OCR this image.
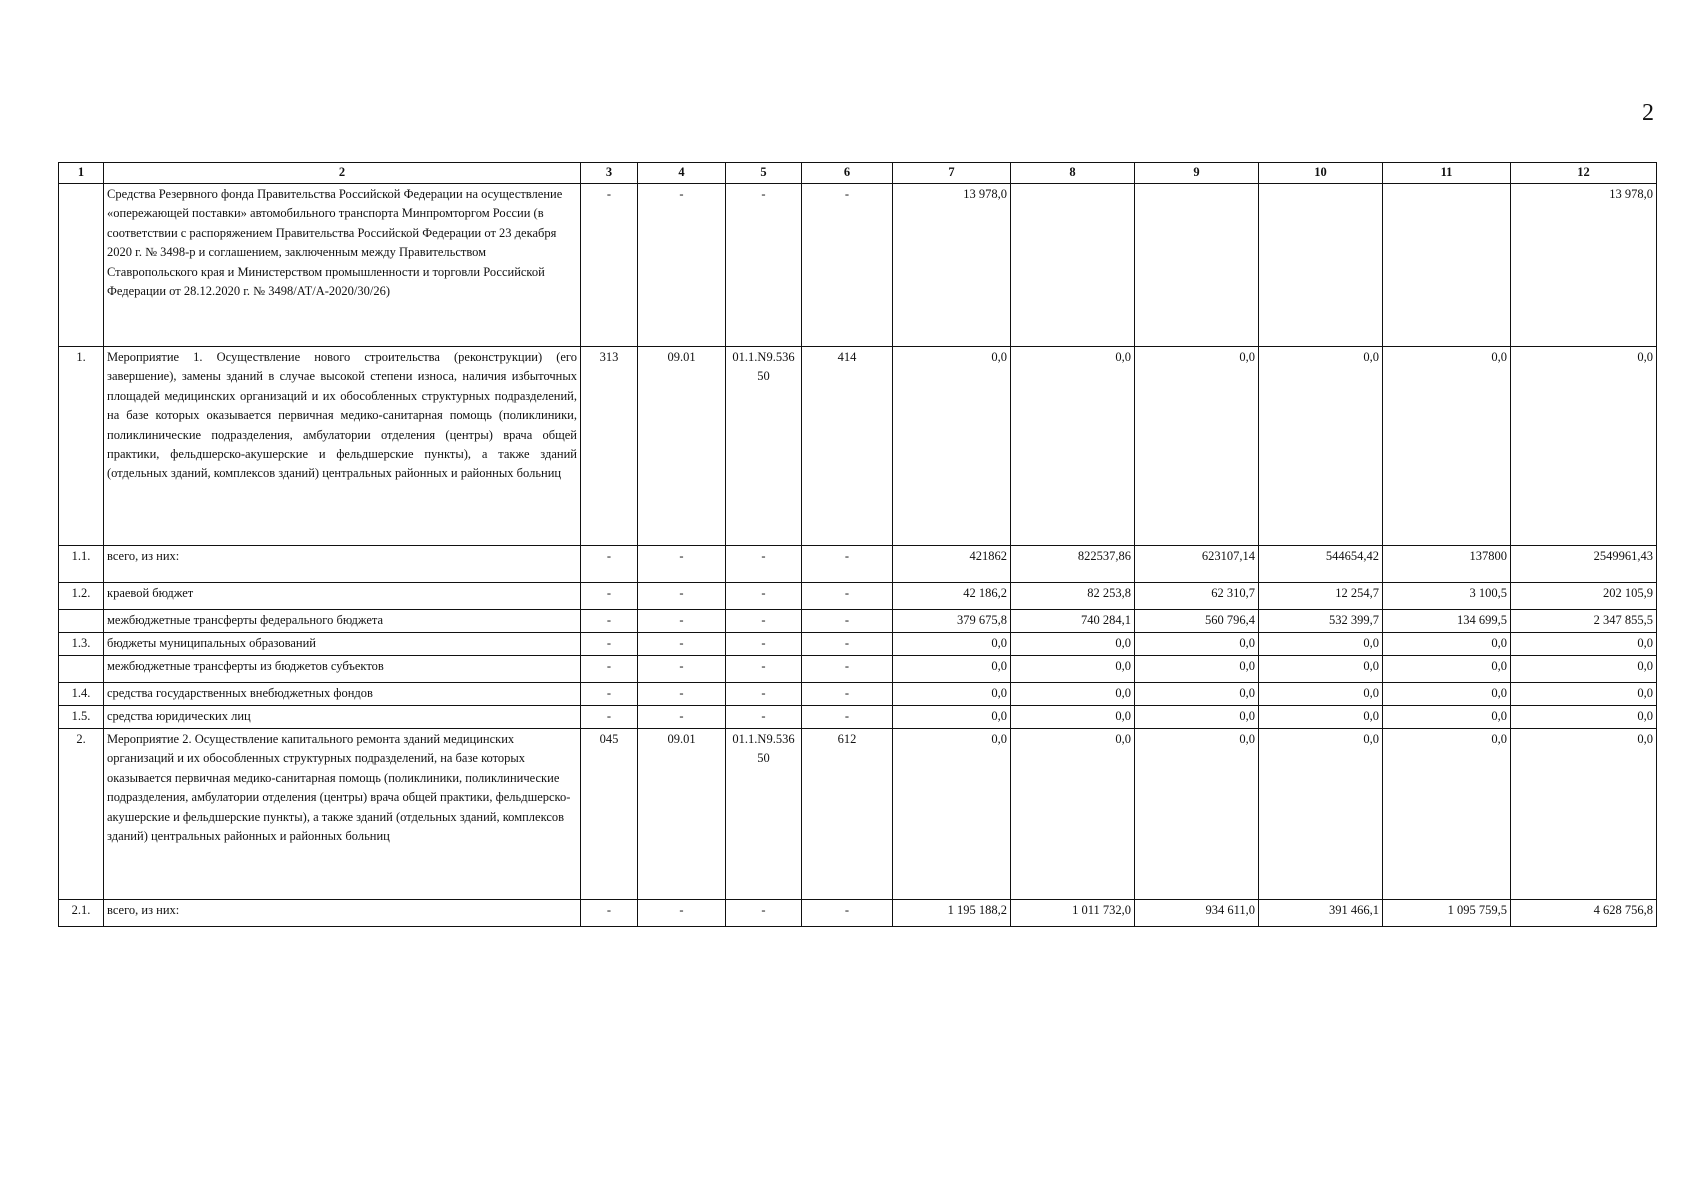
2
1	2	3	4	5	6	7	8	9	10	11	12
	Средства Резервного фонда Правительства Российской Федерации на осуществление «опережающей поставки» автомобильного транспорта Минпромторгом России (в соответствии с распоряжением Правительства Российской Федерации от 23 декабря 2020 г. № 3498-р и соглашением, заключенным между Правительством Ставропольского края и Министерством промышленности и торговли Российской Федерации от 28.12.2020 г. № 3498/АТ/А-2020/30/26)	-	-	-	-	13 978,0					13 978,0
1.	Мероприятие 1. Осуществление нового строительства (реконструкции) (его завершение), замены зданий в случае высокой степени износа, наличия избыточных площадей медицинских организаций и их обособленных структурных подразделений, на базе которых оказывается первичная медико-санитарная помощь (поликлиники, поликлинические подразделения, амбулатории отделения (центры) врача общей практики, фельдшерско-акушерские и фельдшерские пункты), а также зданий (отдельных зданий, комплексов зданий) центральных районных и районных больниц	313	09.01	01.1.N9.536 50	414	0,0	0,0	0,0	0,0	0,0	0,0
1.1.	всего, из них:	-	-	-	-	421862	822537,86	623107,14	544654,42	137800	2549961,43
1.2.	краевой бюджет	-	-	-	-	42 186,2	82 253,8	62 310,7	12 254,7	3 100,5	202 105,9
	межбюджетные трансферты федерального бюджета	-	-	-	-	379 675,8	740 284,1	560 796,4	532 399,7	134 699,5	2 347 855,5
1.3.	бюджеты муниципальных образований	-	-	-	-	0,0	0,0	0,0	0,0	0,0	0,0
	межбюджетные трансферты из бюджетов субъектов	-	-	-	-	0,0	0,0	0,0	0,0	0,0	0,0
1.4.	средства государственных внебюджетных фондов	-	-	-	-	0,0	0,0	0,0	0,0	0,0	0,0
1.5.	средства юридических лиц	-	-	-	-	0,0	0,0	0,0	0,0	0,0	0,0
2.	Мероприятие 2. Осуществление капитального ремонта зданий медицинских организаций и их обособленных структурных подразделений, на базе которых оказывается первичная медико-санитарная помощь (поликлиники, поликлинические подразделения, амбулатории отделения (центры) врача общей практики, фельдшерско-акушерские и фельдшерские пункты), а также зданий (отдельных зданий, комплексов зданий) центральных районных и районных больниц	045	09.01	01.1.N9.536 50	612	0,0	0,0	0,0	0,0	0,0	0,0
2.1.	всего, из них:	-	-	-	-	1 195 188,2	1 011 732,0	934 611,0	391 466,1	1 095 759,5	4 628 756,8
